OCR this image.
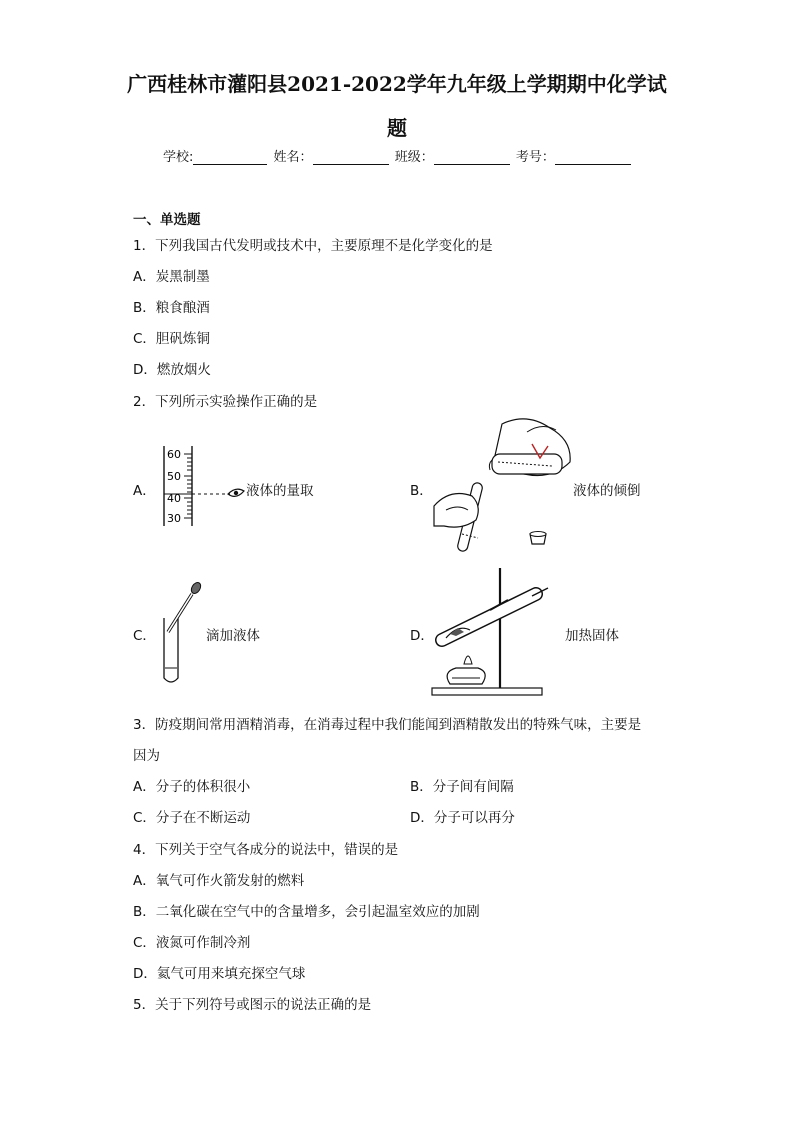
广西桂林市灌阳县2021-2022学年九年级上学期期中化学试
题
学校:	姓名：	班级：	考号：
一、单选题
1．下列我国古代发明或技术中，主要原理不是化学变化的是
A．炭黑制墨
B．粮食酿酒
C．胆矾炼铜
D．燃放烟火
2．下列所示实验操作正确的是
A．
60
50
40
30
液体的量取	B．	液体的倾倒
C．	滴加液体	D．	加热固体
3．防疫期间常用酒精消毒，在消毒过程中我们能闻到酒精散发出的特殊气味，主要是
因为
A．分子的体积很小	B．分子间有间隔
C．分子在不断运动	D．分子可以再分
4．下列关于空气各成分的说法中，错误的是
A．氧气可作火箭发射的燃料
B．二氧化碳在空气中的含量增多，会引起温室效应的加剧
C．液氮可作制冷剂
D．氦气可用来填充探空气球
5．关于下列符号或图示的说法正确的是
